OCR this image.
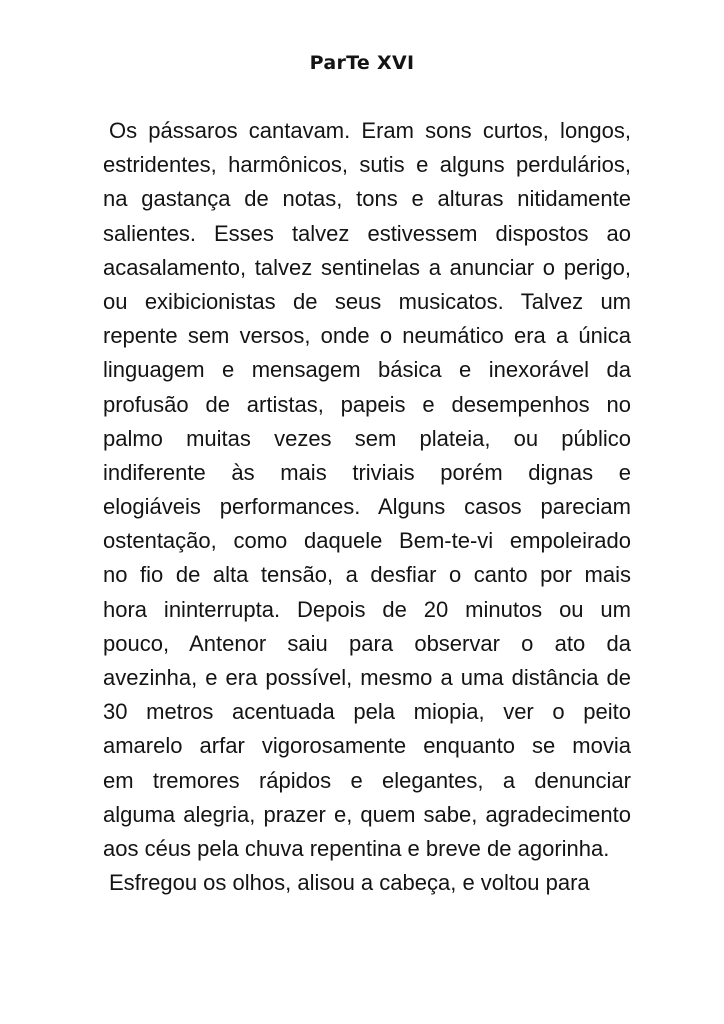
ParTe XVI
Os pássaros cantavam. Eram sons curtos, longos,
estridentes, harmônicos, sutis e alguns perdulários,
na gastança de notas, tons e alturas nitidamente
salientes. Esses talvez estivessem dispostos ao
acasalamento, talvez sentinelas a anunciar o perigo,
ou exibicionistas de seus musicatos. Talvez um
repente sem versos, onde o neumático era a única
linguagem e mensagem básica e inexorável da
profusão de artistas, papeis e desempenhos no
palmo muitas vezes sem plateia, ou público
indiferente às mais triviais porém dignas e
elogiáveis performances. Alguns casos pareciam
ostentação, como daquele Bem-te-vi empoleirado
no fio de alta tensão, a desfiar o canto por mais
hora ininterrupta. Depois de 20 minutos ou um
pouco, Antenor saiu para observar o ato da
avezinha, e era possível, mesmo a uma distância de
30 metros acentuada pela miopia, ver o peito
amarelo arfar vigorosamente enquanto se movia
em tremores rápidos e elegantes, a denunciar
alguma alegria, prazer e, quem sabe, agradecimento
aos céus pela chuva repentina e breve de agorinha.
Esfregou os olhos, alisou a cabeça, e voltou para
